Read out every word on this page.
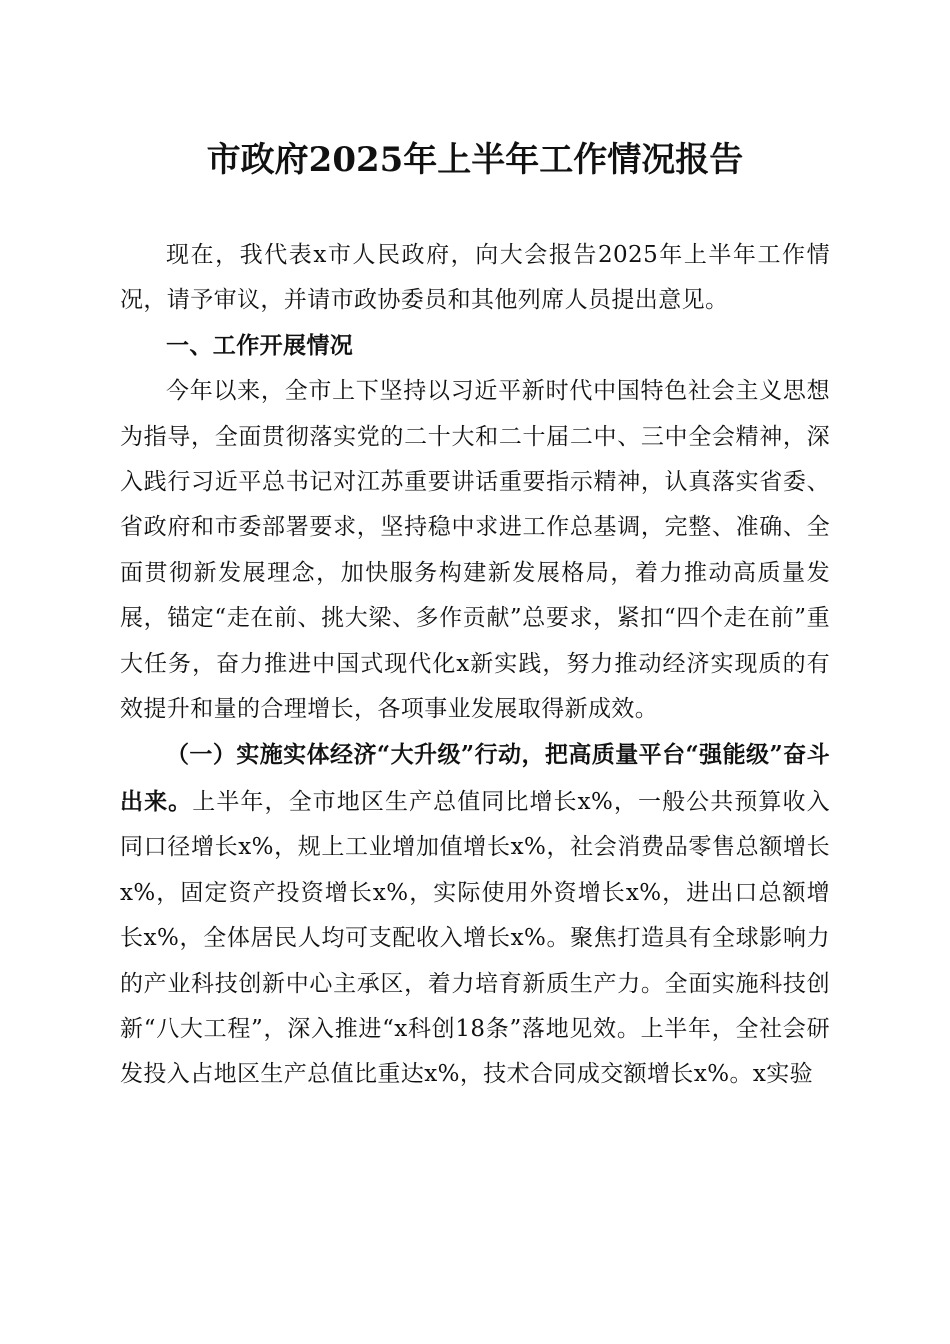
市政府2025年上半年工作情况报告

现在，我代表x市人民政府，向大会报告2025年上半年工作情况，请予审议，并请市政协委员和其他列席人员提出意见。

一、工作开展情况

今年以来，全市上下坚持以习近平新时代中国特色社会主义思想为指导，全面贯彻落实党的二十大和二十届二中、三中全会精神，深入践行习近平总书记对江苏重要讲话重要指示精神，认真落实省委、省政府和市委部署要求，坚持稳中求进工作总基调，完整、准确、全面贯彻新发展理念，加快服务构建新发展格局，着力推动高质量发展，锚定“走在前、挑大梁、多作贡献”总要求，紧扣“四个走在前”重大任务，奋力推进中国式现代化x新实践，努力推动经济实现质的有效提升和量的合理增长，各项事业发展取得新成效。

（一）实施实体经济“大升级”行动，把高质量平台“强能级”奋斗出来。上半年，全市地区生产总值同比增长x%，一般公共预算收入同口径增长x%，规上工业增加值增长x%，社会消费品零售总额增长x%，固定资产投资增长x%，实际使用外资增长x%，进出口总额增长x%，全体居民人均可支配收入增长x%。聚焦打造具有全球影响力的产业科技创新中心主承区，着力培育新质生产力。全面实施科技创新“八大工程”，深入推进“x科创18条”落地见效。上半年，全社会研发投入占地区生产总值比重达x%，技术合同成交额增长x%。x实验
